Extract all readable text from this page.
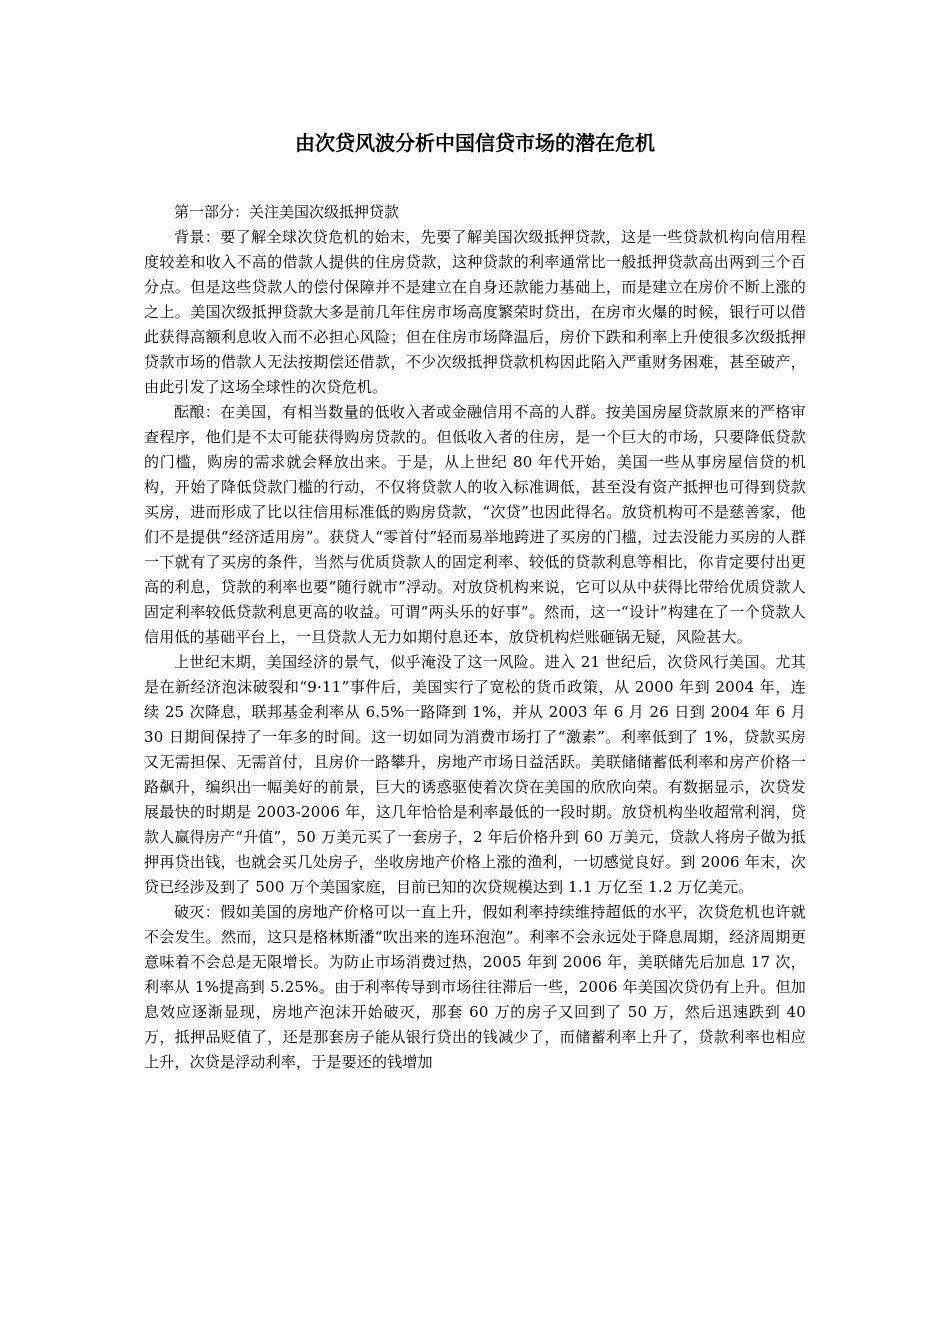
由次贷风波分析中国信贷市场的潜在危机

第一部分：关注美国次级抵押贷款

背景：要了解全球次贷危机的始末，先要了解美国次级抵押贷款，这是一些贷款机构向信用程度较差和收入不高的借款人提供的住房贷款，这种贷款的利率通常比一般抵押贷款高出两到三个百分点。但是这些贷款人的偿付保障并不是建立在自身还款能力基础上，而是建立在房价不断上涨的之上。美国次级抵押贷款大多是前几年住房市场高度繁荣时贷出，在房市火爆的时候，银行可以借此获得高额利息收入而不必担心风险；但在住房市场降温后，房价下跌和利率上升使很多次级抵押贷款市场的借款人无法按期偿还借款，不少次级抵押贷款机构因此陷入严重财务困难，甚至破产，由此引发了这场全球性的次贷危机。

酝酿：在美国，有相当数量的低收入者或金融信用不高的人群。按美国房屋贷款原来的严格审查程序，他们是不太可能获得购房贷款的。但低收入者的住房，是一个巨大的市场，只要降低贷款的门槛，购房的需求就会释放出来。于是，从上世纪 80 年代开始，美国一些从事房屋信贷的机构，开始了降低贷款门槛的行动，不仅将贷款人的收入标准调低，甚至没有资产抵押也可得到贷款买房，进而形成了比以往信用标准低的购房贷款，“次贷”也因此得名。放贷机构可不是慈善家，他们不是提供“经济适用房”。获贷人“零首付”轻而易举地跨进了买房的门槛，过去没能力买房的人群一下就有了买房的条件，当然与优质贷款人的固定利率、较低的贷款利息等相比，你肯定要付出更高的利息，贷款的利率也要“随行就市”浮动。对放贷机构来说，它可以从中获得比带给优质贷款人固定利率较低贷款利息更高的收益。可谓“两头乐的好事”。然而，这一“设计”构建在了一个贷款人信用低的基础平台上，一旦贷款人无力如期付息还本，放贷机构烂账砸锅无疑，风险甚大。

上世纪末期，美国经济的景气，似乎淹没了这一风险。进入 21 世纪后，次贷风行美国。尤其是在新经济泡沫破裂和“9·11”事件后，美国实行了宽松的货币政策，从 2000 年到 2004 年，连续 25 次降息，联邦基金利率从 6.5%一路降到 1%，并从 2003 年 6 月 26 日到 2004 年 6 月 30 日期间保持了一年多的时间。这一切如同为消费市场打了“激素”。利率低到了 1%，贷款买房又无需担保、无需首付，且房价一路攀升，房地产市场日益活跃。美联储储蓄低利率和房产价格一路飙升，编织出一幅美好的前景，巨大的诱惑驱使着次贷在美国的欣欣向荣。有数据显示，次贷发展最快的时期是 2003-2006 年，这几年恰恰是利率最低的一段时期。放贷机构坐收超常利润，贷款人赢得房产“升值”，50 万美元买了一套房子，2 年后价格升到 60 万美元，贷款人将房子做为抵押再贷出钱，也就会买几处房子，坐收房地产价格上涨的渔利，一切感觉良好。到 2006 年末，次贷已经涉及到了 500 万个美国家庭，目前已知的次贷规模达到 1.1 万亿至 1.2 万亿美元。

破灭：假如美国的房地产价格可以一直上升，假如利率持续维持超低的水平，次贷危机也许就不会发生。然而，这只是格林斯潘“吹出来的连环泡泡”。利率不会永远处于降息周期，经济周期更意味着不会总是无限增长。为防止市场消费过热，2005 年到 2006 年，美联储先后加息 17 次，利率从 1%提高到 5.25%。由于利率传导到市场往往滞后一些，2006 年美国次贷仍有上升。但加息效应逐渐显现，房地产泡沫开始破灭，那套 60 万的房子又回到了 50 万，然后迅速跌到 40 万，抵押品贬值了，还是那套房子能从银行贷出的钱减少了，而储蓄利率上升了，贷款利率也相应上升，次贷是浮动利率，于是要还的钱增加
